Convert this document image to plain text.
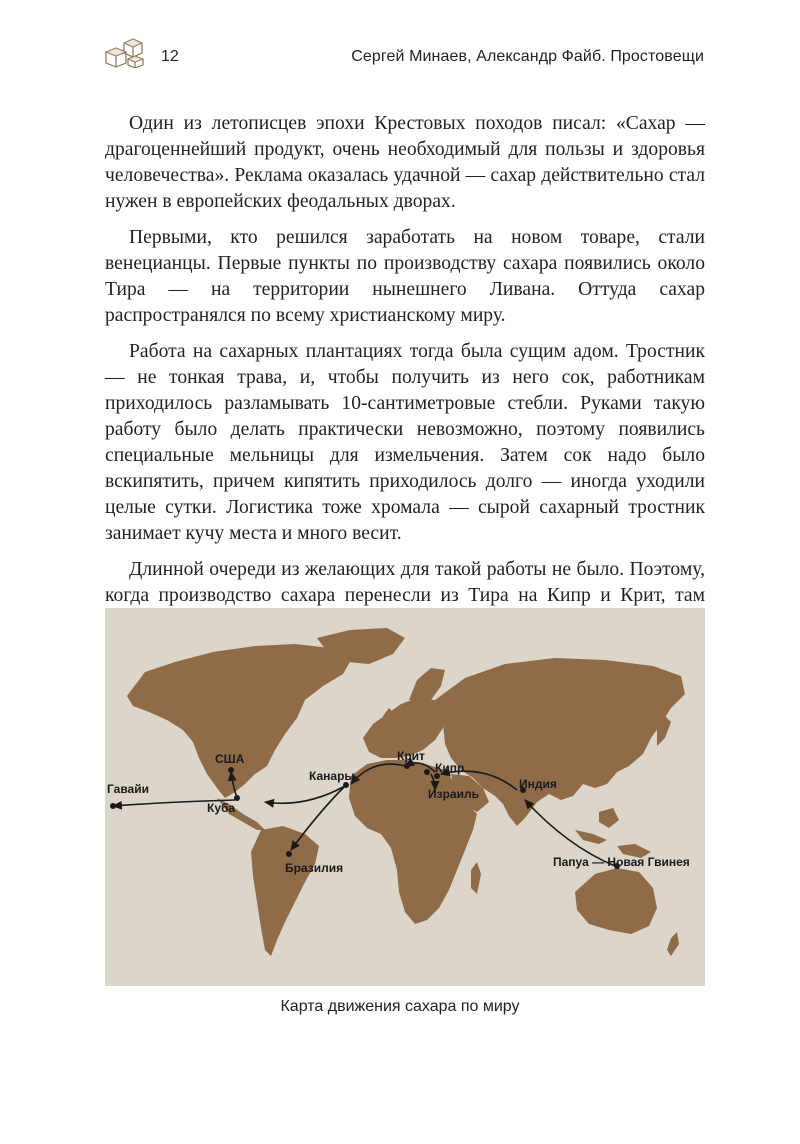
12	Сергей Минаев, Александр Файб. Простовещи

Один из летописцев эпохи Крестовых походов писал: «Сахар — драгоценнейший продукт, очень необходимый для пользы и здоровья человечества». Реклама оказалась удачной — сахар действительно стал нужен в европейских феодальных дворах.

Первыми, кто решился заработать на новом товаре, стали венецианцы. Первые пункты по производству сахара появились около Тира — на территории нынешнего Ливана. Оттуда сахар распространялся по всему христианскому миру.

Работа на сахарных плантациях тогда была сущим адом. Тростник — не тонкая трава, и, чтобы получить из него сок, работникам приходилось разламывать 10-сантиметровые стебли. Руками такую работу было делать практически невозможно, поэтому появились специальные мельницы для измельчения. Затем сок надо было вскипятить, причем кипятить приходилось долго — иногда уходили целые сутки. Логистика тоже хромала — сырой сахарный тростник занимает кучу места и много весит.

Длинной очереди из желающих для такой работы не было. Поэтому, когда производство сахара перенесли из Тира на Кипр и Крит, там

Гавайи
США
Куба
Канары
Бразилия
Крит
Кипр
Израиль
Индия
Папуа — Новая Гвинея
Карта движения сахара по миру
